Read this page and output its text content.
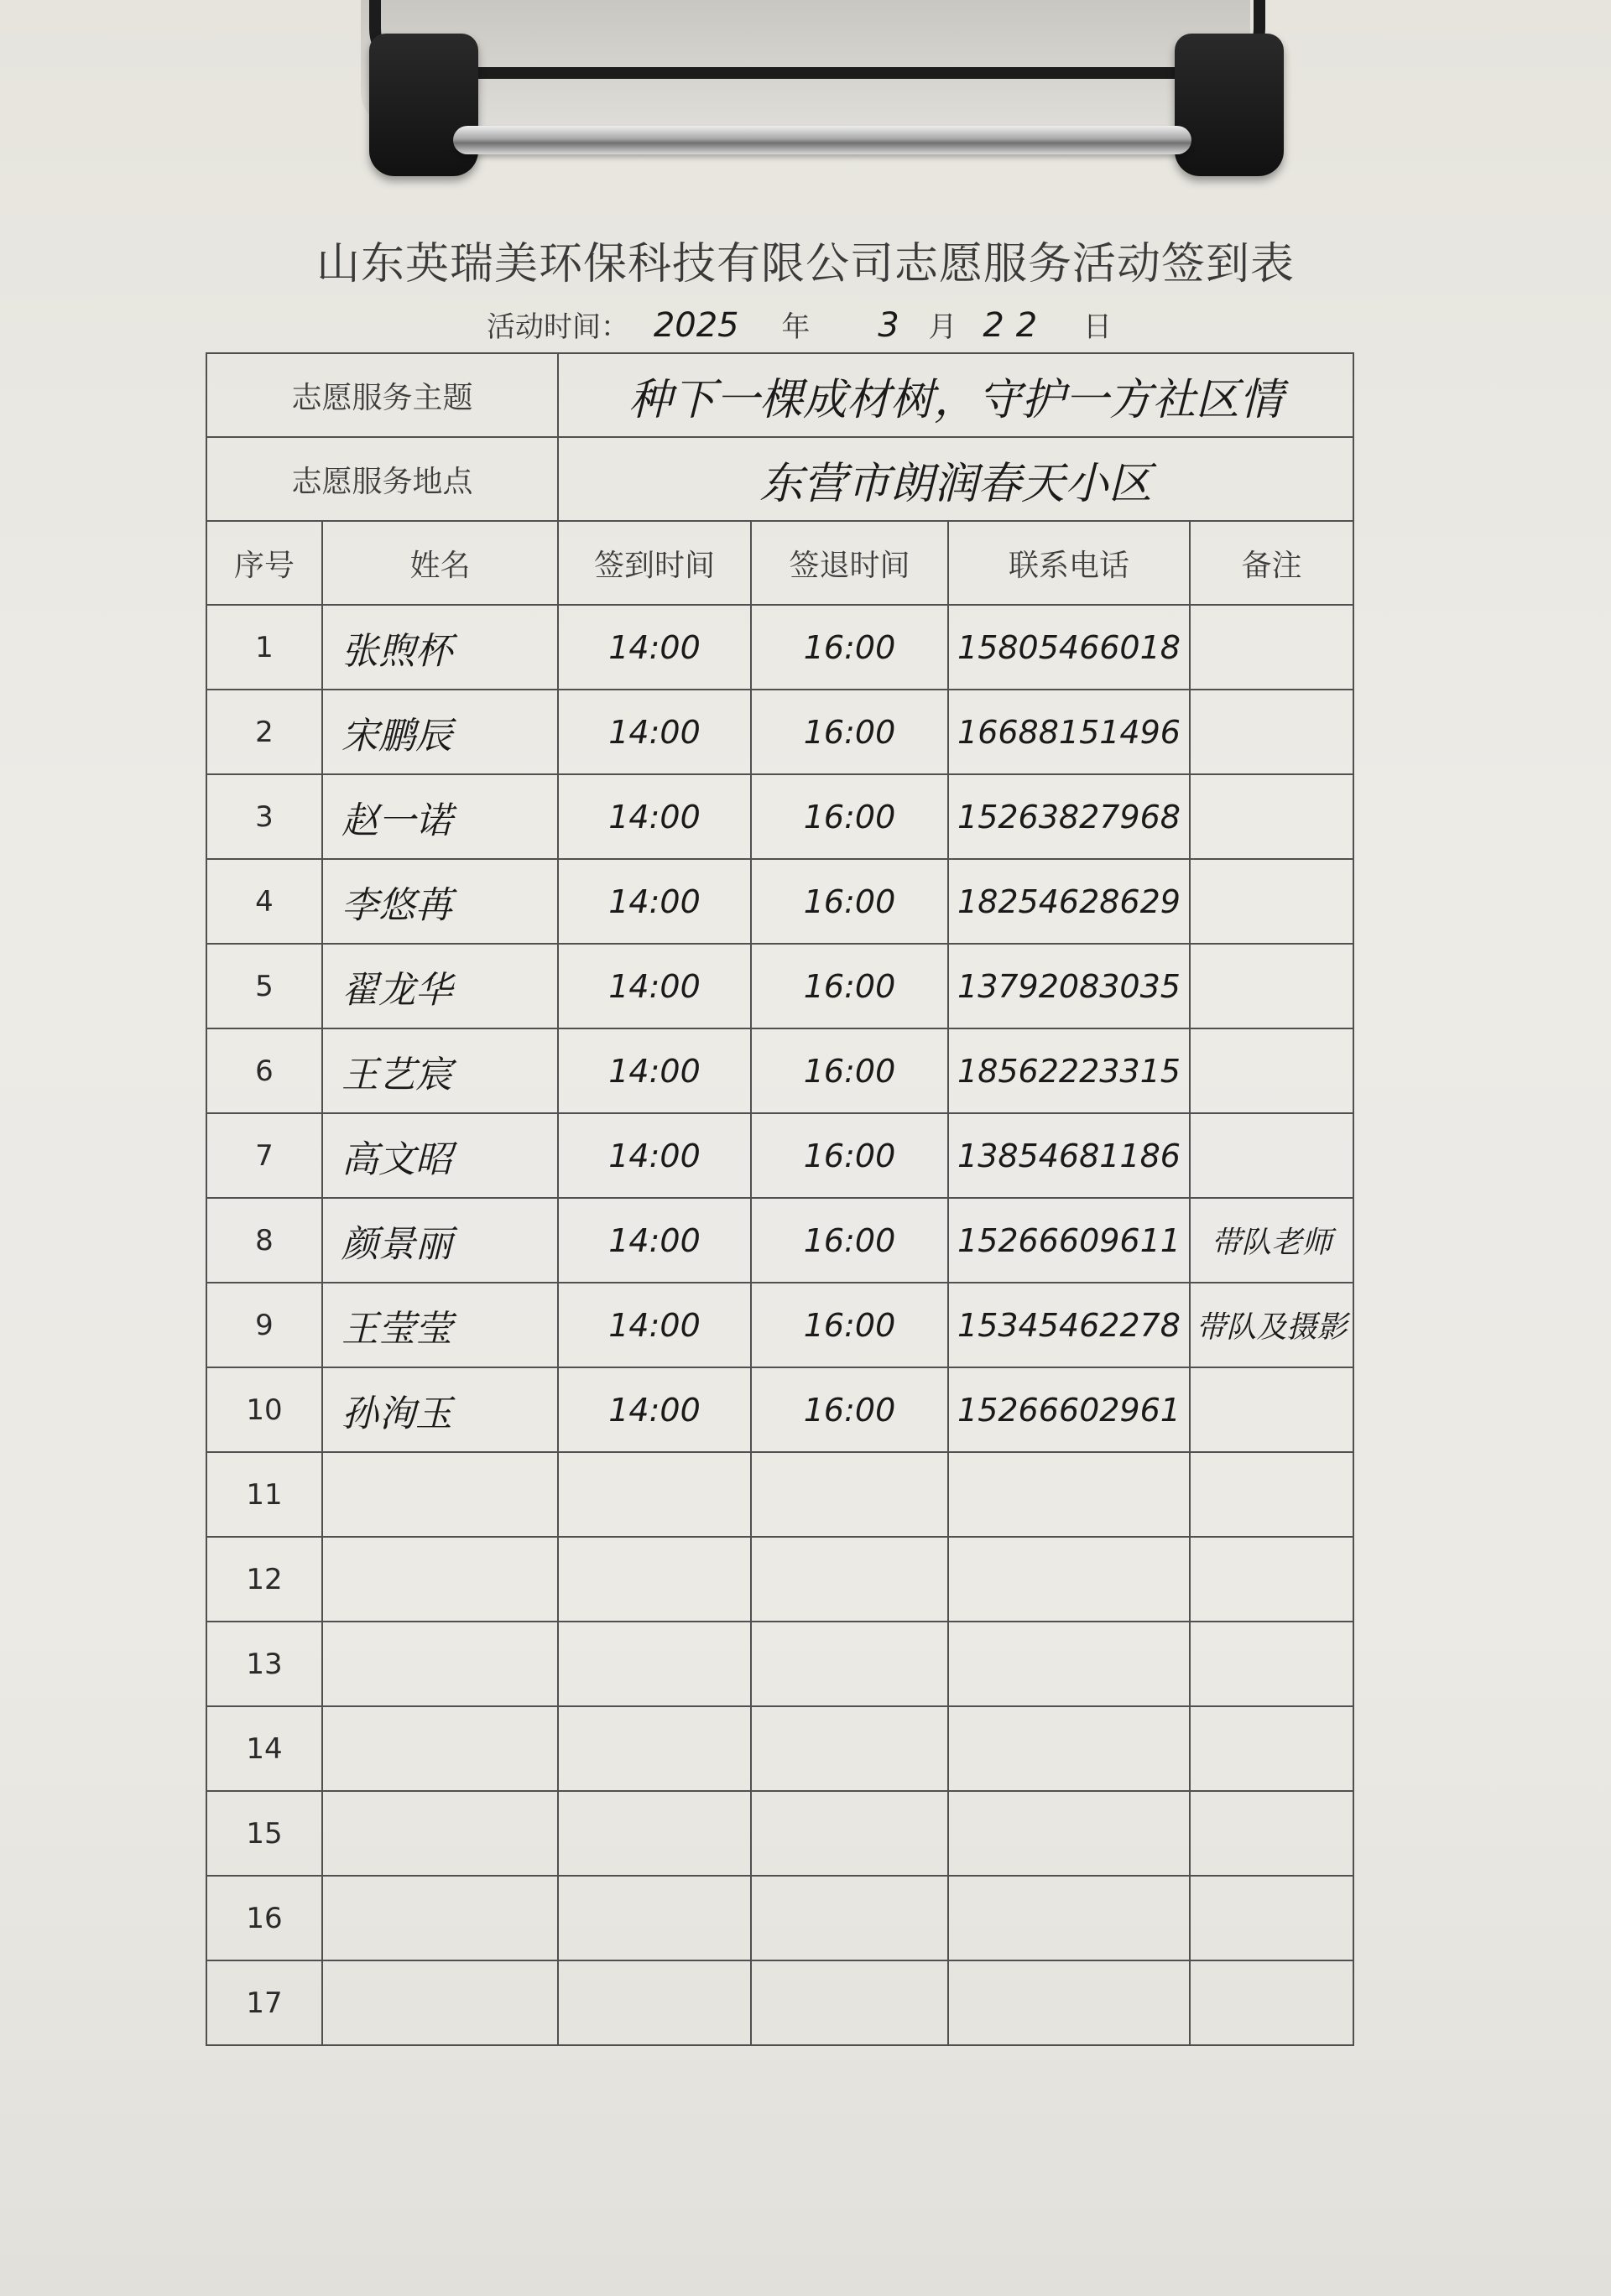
山东英瑞美环保科技有限公司志愿服务活动签到表
活动时间： 2025 年 3 月 22 日
志愿服务主题		种下一棵成材树，守护一方社区情			
志愿服务地点		东营市朗润春天小区			
序号	姓名	签到时间	签退时间	联系电话	备注
1	张煦杯	14:00	16:00	15805466018	
2	宋鹏辰	14:00	16:00	16688151496	
3	赵一诺	14:00	16:00	15263827968	
4	李悠苒	14:00	16:00	18254628629	
5	翟龙华	14:00	16:00	13792083035	
6	王艺宸	14:00	16:00	18562223315	
7	高文昭	14:00	16:00	13854681186	
8	颜景丽	14:00	16:00	15266609611	带队老师
9	王莹莹	14:00	16:00	15345462278	带队及摄影
10	孙洵玉	14:00	16:00	15266602961	
11					
12					
13					
14					
15					
16					
17					
